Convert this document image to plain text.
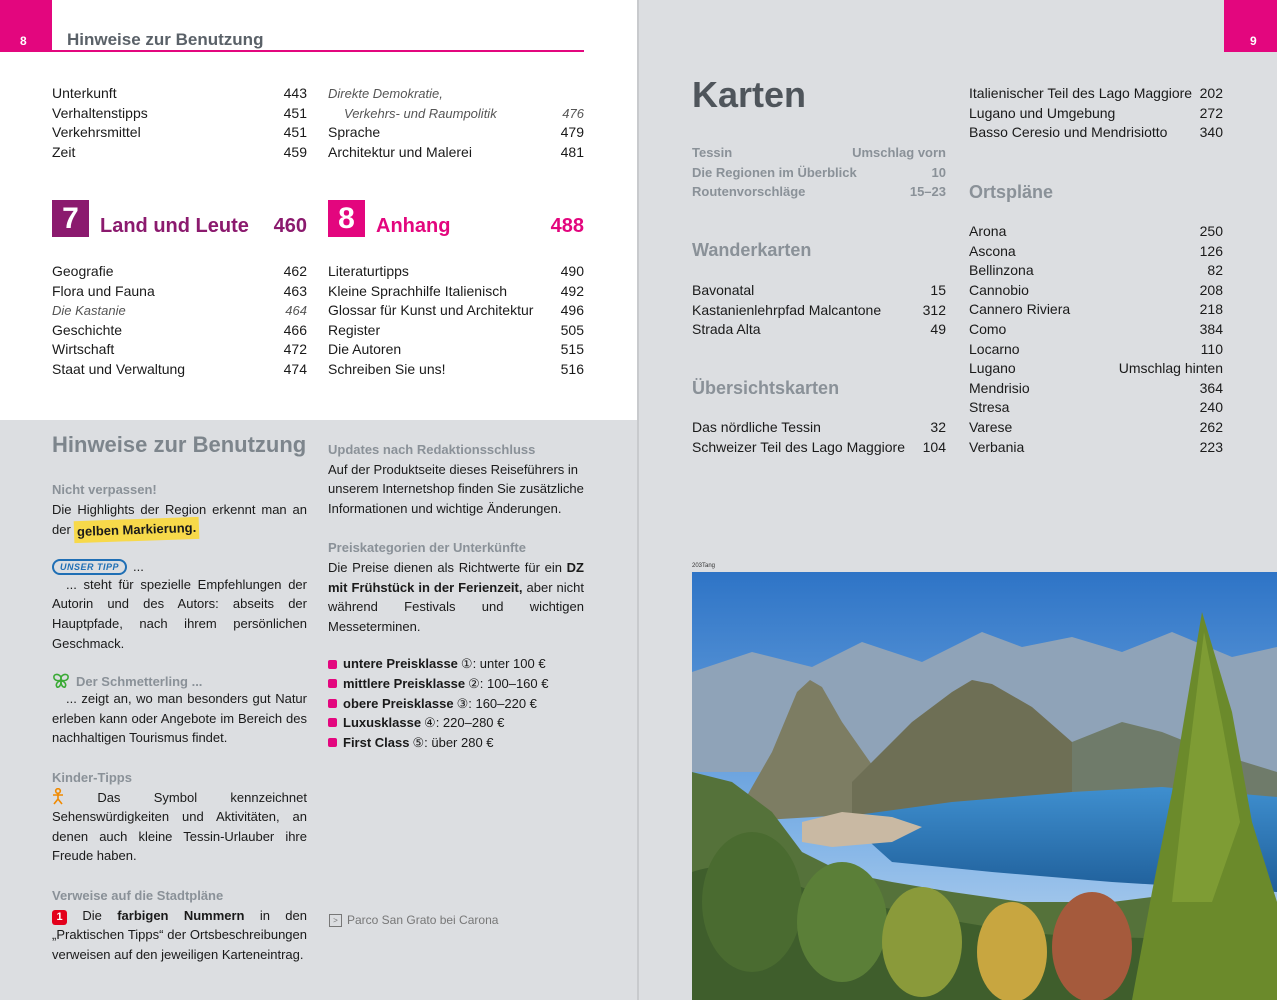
8 Hinweise zur Benutzung
Unterkunft	443
Verhaltenstipps	451
Verkehrsmittel	451
Zeit	459
Direkte Demokratie,
Verkehrs- und Raumpolitik	476
Sprache	479
Architektur und Malerei	481
7	Land und Leute 460
Geografie	462
Flora und Fauna	463
Die Kastanie	464
Geschichte	466
Wirtschaft	472
Staat und Verwaltung	474
8	Anhang	488
Literaturtipps	490
Kleine Sprachhilfe Italienisch	492
Glossar für Kunst und Architektur 496
Register	505
Die Autoren	515
Schreiben Sie uns!	516
Hinweise zur Benutzung
Nicht verpassen!
Die Highlights der Region erkennt man an der gelben Markierung.
UNSER TIPP	...
... steht für spezielle Empfehlungen der Autorin und des Autors: abseits der Hauptpfade, nach ihrem persönlichen Geschmack.
Der Schmetterling ...
... zeigt an, wo man besonders gut Natur erleben kann oder Angebote im Bereich des nachhaltigen Tourismus findet.
Kinder-Tipps
Das Symbol kennzeichnet Sehenswürdigkeiten und Aktivitäten, an denen auch kleine Tessin-Urlauber ihre Freude haben.
Verweise auf die Stadtpläne
1 Die farbigen Nummern in den „Praktischen Tipps“ der Ortsbeschreibungen verweisen auf den jeweiligen Karteneintrag.
Updates nach Redaktionsschluss
Auf der Produktseite dieses Reiseführers in unserem Internetshop finden Sie zusätzliche Informationen und wichtige Änderungen.
Preiskategorien der Unterkünfte
Die Preise dienen als Richtwerte für ein DZ mit Frühstück in der Ferienzeit, aber nicht während Festivals und wichtigen Messeterminen.
untere Preisklasse ① : unter 100 €
mittlere Preisklasse ② : 100–160 €
obere Preisklasse ③ : 160–220 €
Luxusklasse ④ : 220–280 €
First Class ⑤ : über 280 €
> Parco San Grato bei Carona
9
Karten
Tessin	Umschlag vorn
Die Regionen im Überblick	10
Routenvorschläge	15–23
Wanderkarten
Bavonatal	15
Kastanienlehrpfad Malcantone	312
Strada Alta	49
Übersichtskarten
Das nördliche Tessin	32
Schweizer Teil des Lago Maggiore 104
Italienischer Teil des Lago Maggiore 202
Lugano und Umgebung	272
Basso Ceresio und Mendrisiotto 340
Ortspläne
Arona	250
Ascona	126
Bellinzona	82
Cannobio	208
Cannero Riviera	218
Como	384
Locarno	110
Lugano	Umschlag hinten
Mendrisio	364
Stresa	240
Varese	262
Verbania	223
203Tang
